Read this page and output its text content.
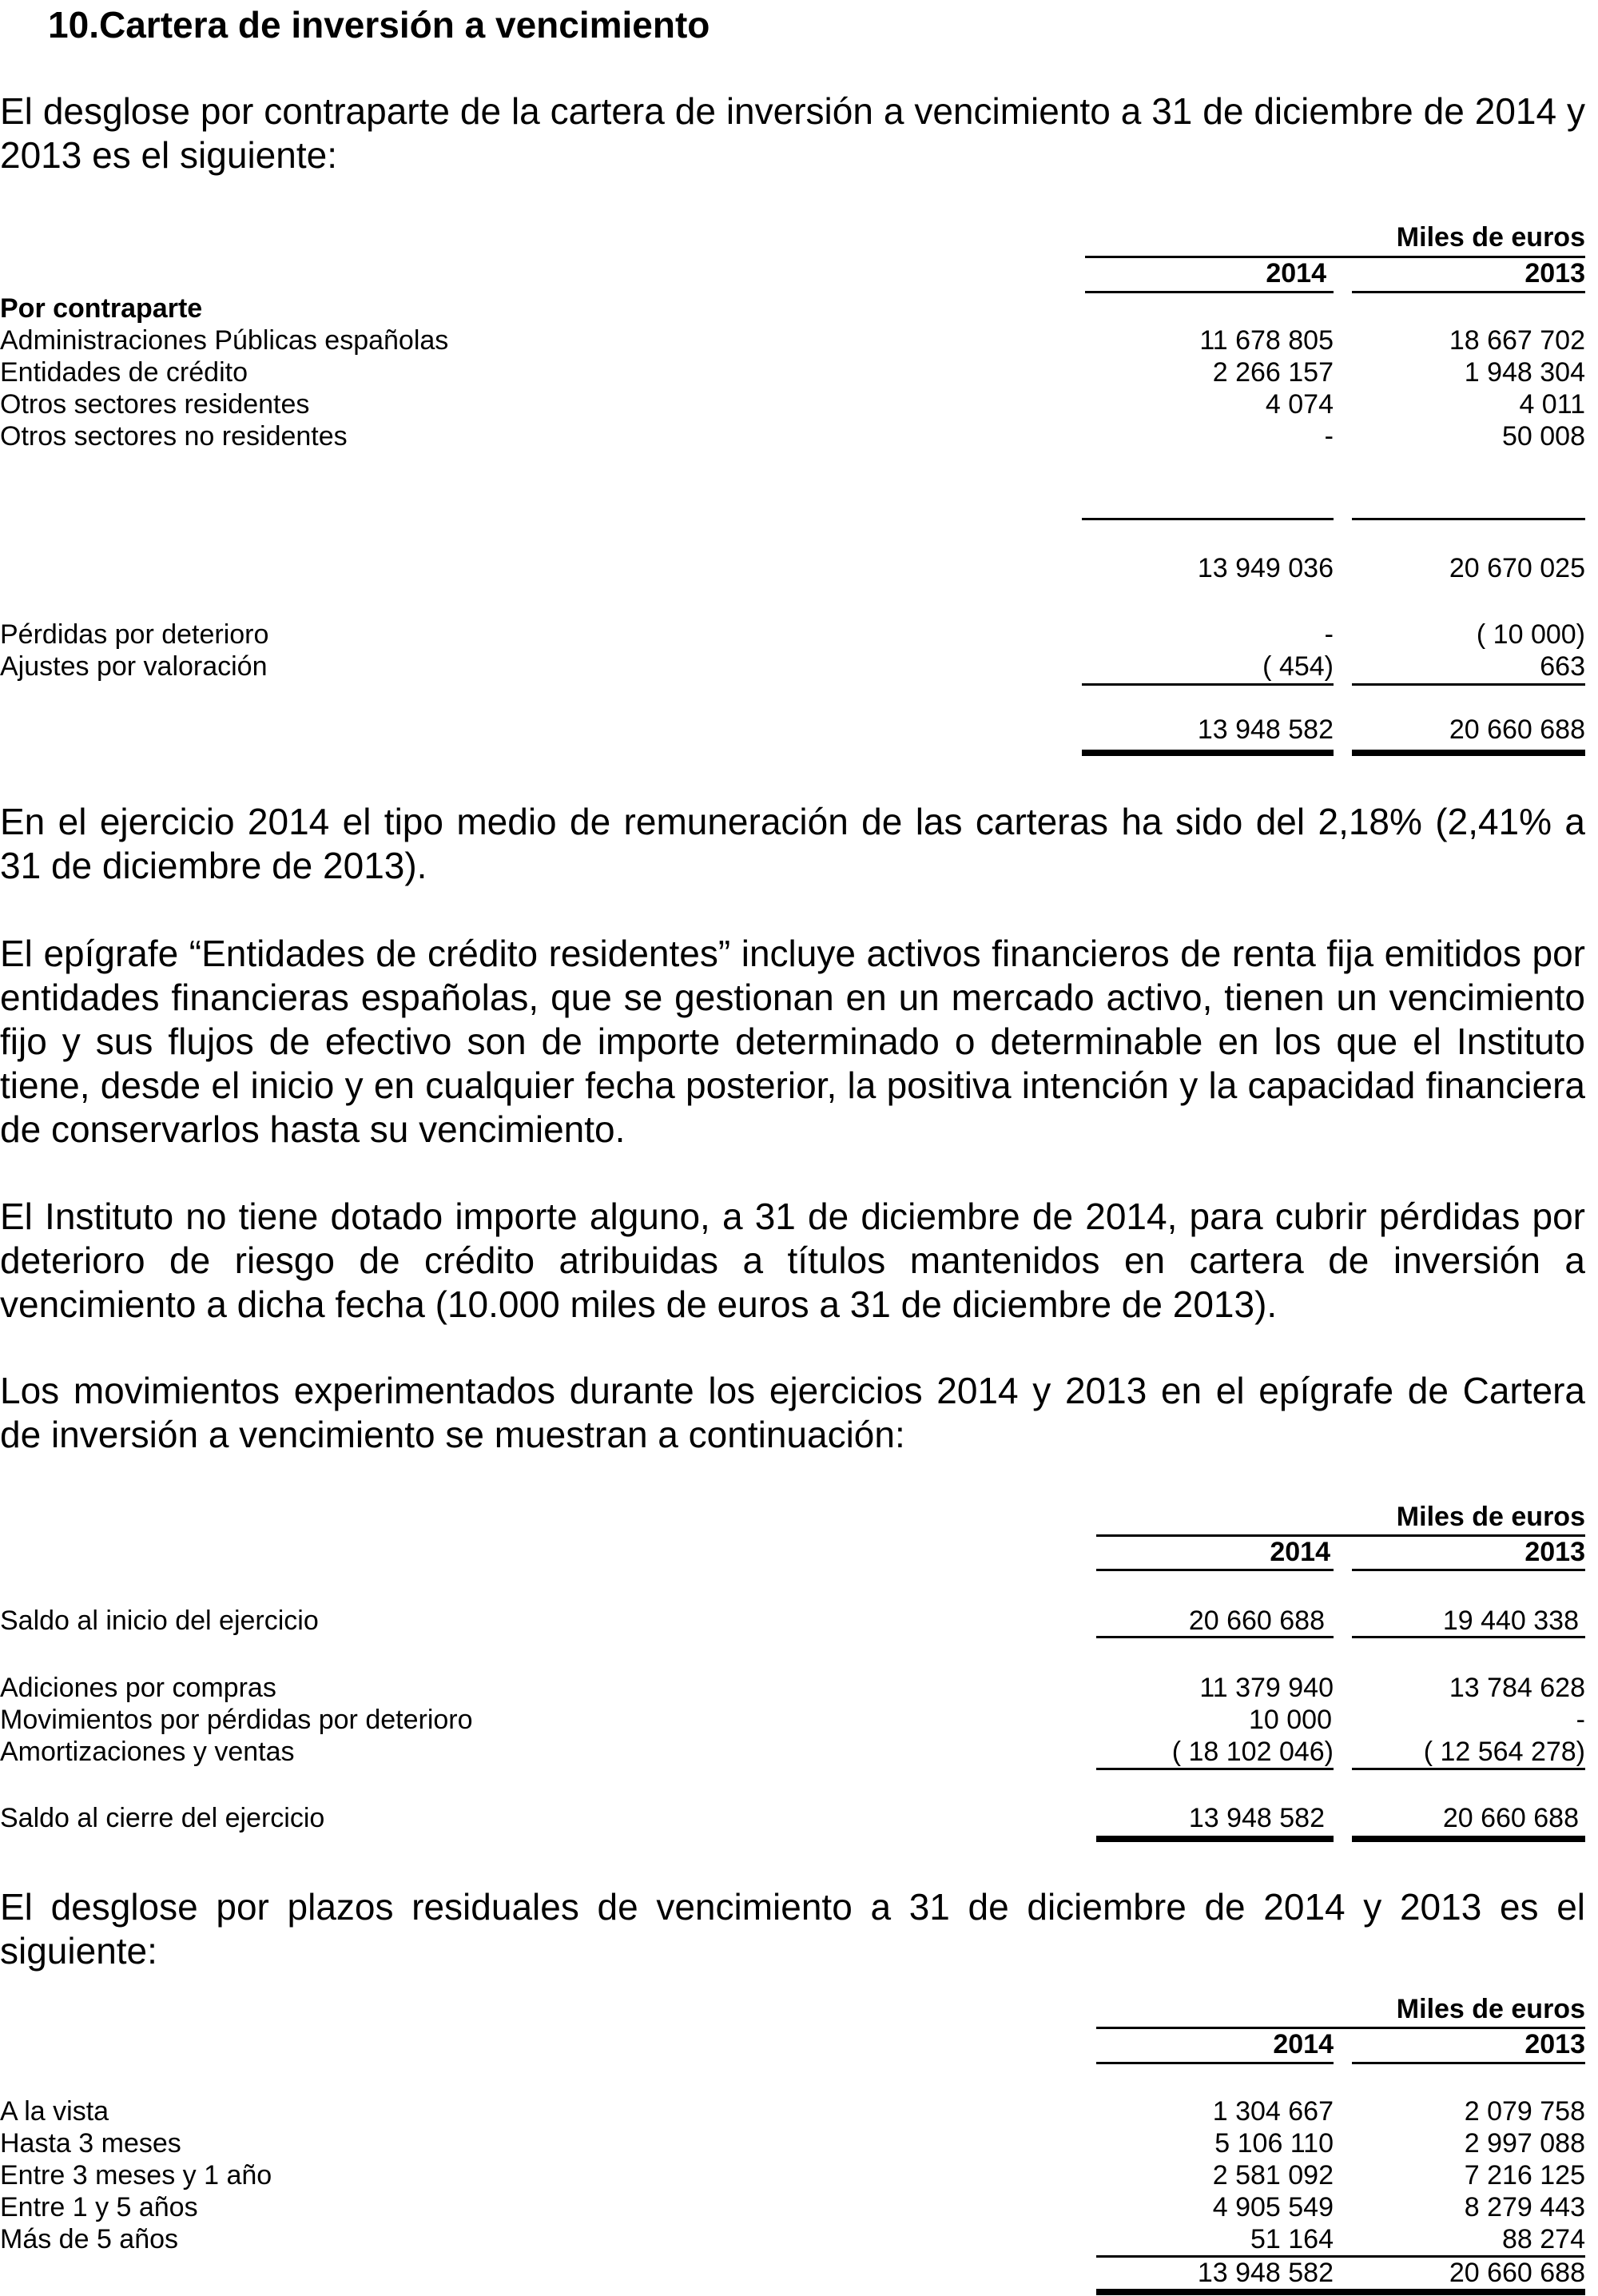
10.Cartera de inversión a vencimiento

El desglose por contraparte de la cartera de inversión a vencimiento a 31 de diciembre de 2014 y 2013 es el siguiente:

Miles de euros
2014	2013
Por contraparte
Administraciones Públicas españolas	11 678 805	18 667 702
Entidades de crédito	2 266 157	1 948 304
Otros sectores residentes	4 074	4 011
Otros sectores no residentes	-	50 008
13 949 036	20 670 025
Pérdidas por deterioro	-	( 10 000)
Ajustes por valoración	( 454)	663
13 948 582	20 660 688

En el ejercicio 2014 el tipo medio de remuneración de las carteras ha sido del 2,18% (2,41% a 31 de diciembre de 2013).

El epígrafe “Entidades de crédito residentes” incluye activos financieros de renta fija emitidos por entidades financieras españolas, que se gestionan en un mercado activo, tienen un vencimiento fijo y sus flujos de efectivo son de importe determinado o determinable en los que el Instituto tiene, desde el inicio y en cualquier fecha posterior, la positiva intención y la capacidad financiera de conservarlos hasta su vencimiento.

El Instituto no tiene dotado importe alguno, a 31 de diciembre de 2014, para cubrir pérdidas por deterioro de riesgo de crédito atribuidas a títulos mantenidos en cartera de inversión a vencimiento a dicha fecha (10.000 miles de euros a 31 de diciembre de 2013).

Los movimientos experimentados durante los ejercicios 2014 y 2013 en el epígrafe de Cartera de inversión a vencimiento se muestran a continuación:

Miles de euros
2014	2013
Saldo al inicio del ejercicio	20 660 688	19 440 338
Adiciones por compras	11 379 940	13 784 628
Movimientos por pérdidas por deterioro	10 000	-
Amortizaciones y ventas	( 18 102 046)	( 12 564 278)
Saldo al cierre del ejercicio	13 948 582	20 660 688

El desglose por plazos residuales de vencimiento a 31 de diciembre de 2014 y 2013 es el siguiente:

Miles de euros
2014	2013
A la vista	1 304 667	2 079 758
Hasta 3 meses	5 106 110	2 997 088
Entre 3 meses y 1 año	2 581 092	7 216 125
Entre 1 y 5 años	4 905 549	8 279 443
Más de 5 años	51 164	88 274
13 948 582	20 660 688
